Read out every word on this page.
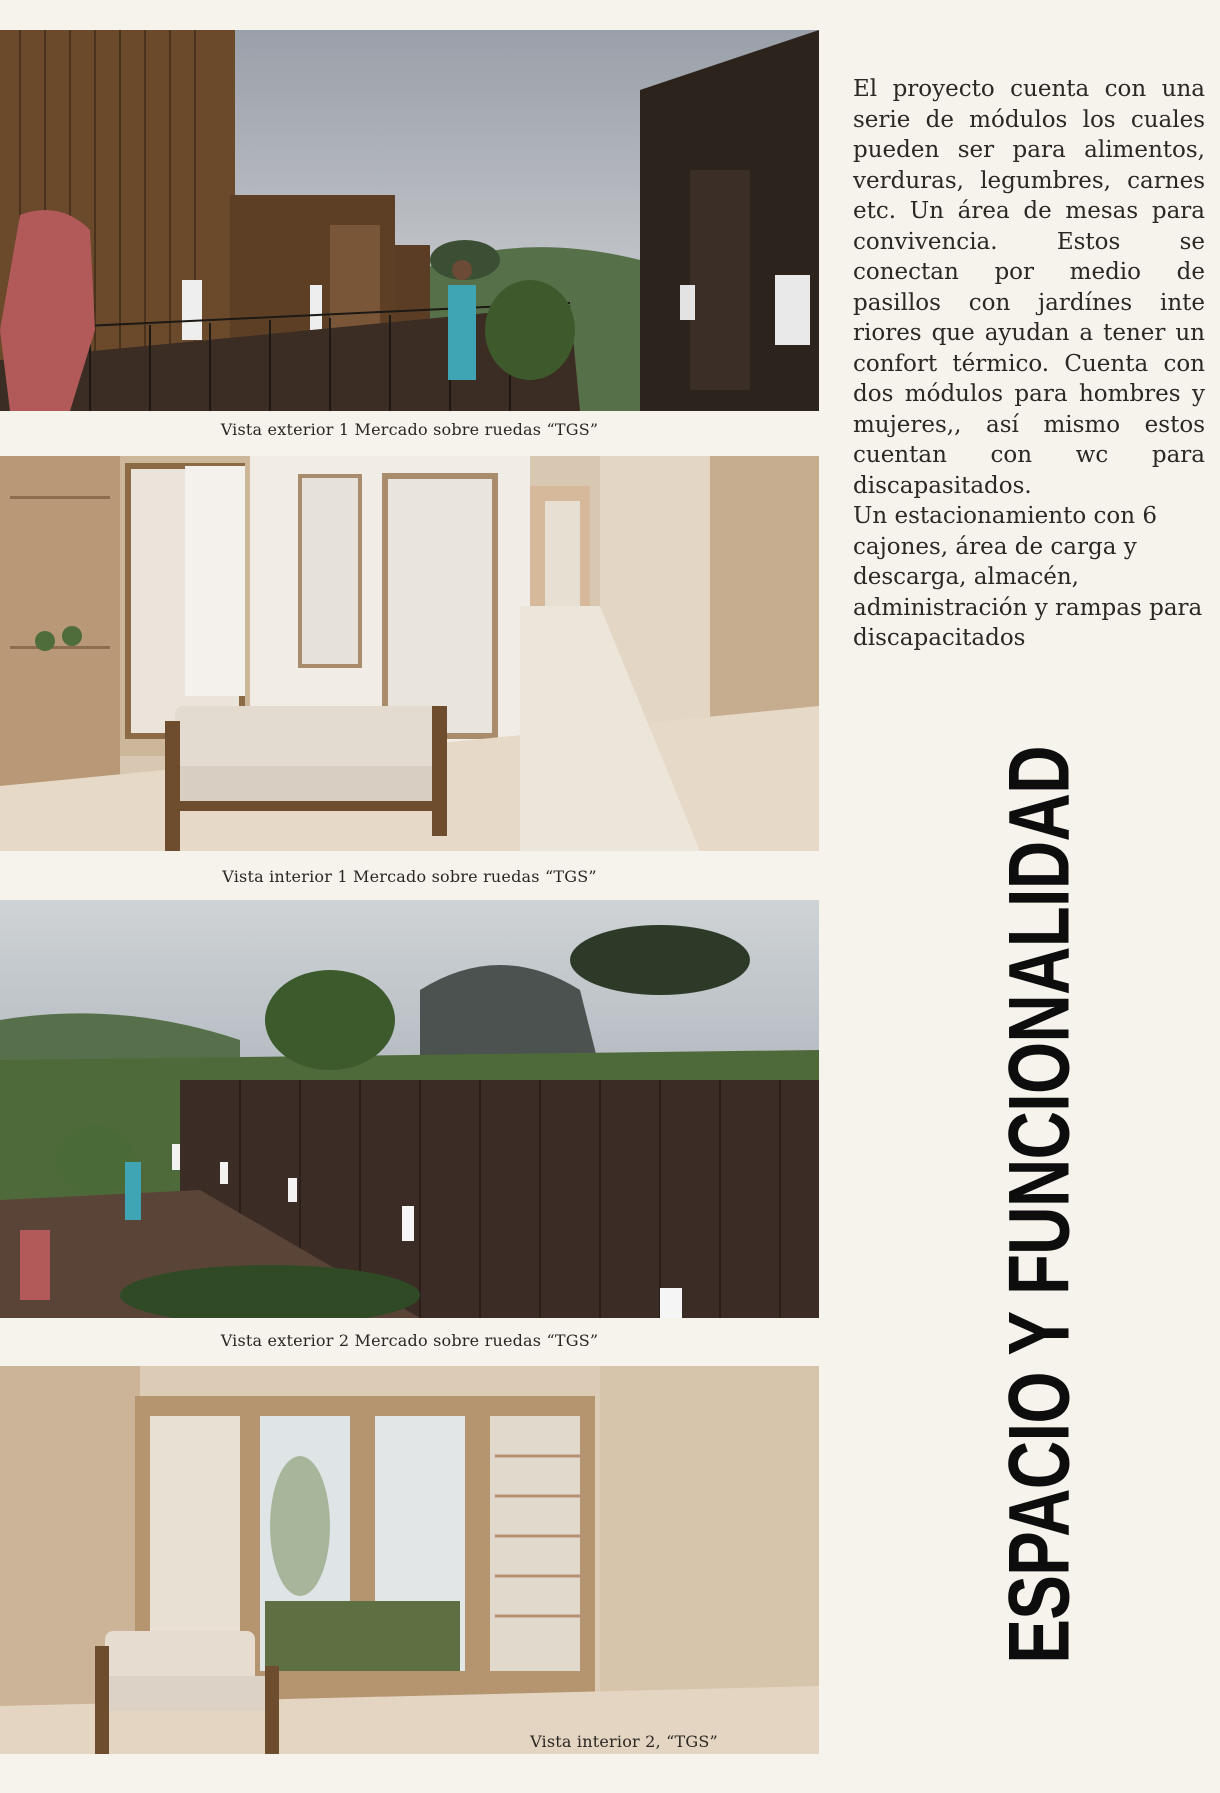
Vista exterior 1 Mercado sobre ruedas “TGS”
Vista interior 1 Mercado sobre ruedas “TGS”
Vista exterior 2 Mercado sobre ruedas “TGS”
Vista interior 2, “TGS”

El proyecto cuenta con una serie de módulos los cuales pueden ser para alimentos, verduras, legumbres, carnes etc. Un área de mesas para convivencia. Estos se conectan por medio de pasillos con jardínes inte riores que ayudan a tener un confort térmico. Cuenta con dos módulos para hombres y mujeres,, así mismo estos cuentan con wc para discapasitados.

Un estacionamiento con 6 cajones, área de carga y descarga, almacén, administración y rampas para discapacitados

ESPACIO Y FUNCIONALIDAD
